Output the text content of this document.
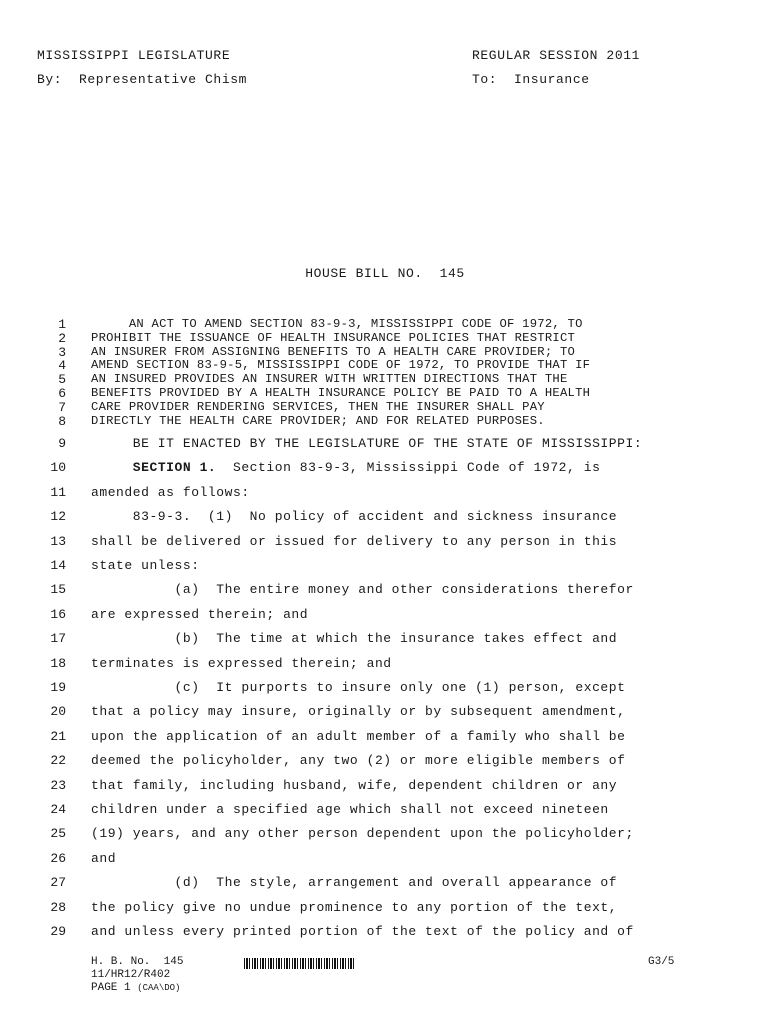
MISSISSIPPI LEGISLATURE	REGULAR SESSION 2011
By:  Representative Chism	To:  Insurance
HOUSE BILL NO.  145
1 AN ACT TO AMEND SECTION 83-9-3, MISSISSIPPI CODE OF 1972, TO
2 PROHIBIT THE ISSUANCE OF HEALTH INSURANCE POLICIES THAT RESTRICT
3 AN INSURER FROM ASSIGNING BENEFITS TO A HEALTH CARE PROVIDER; TO
4 AMEND SECTION 83-9-5, MISSISSIPPI CODE OF 1972, TO PROVIDE THAT IF
5 AN INSURED PROVIDES AN INSURER WITH WRITTEN DIRECTIONS THAT THE
6 BENEFITS PROVIDED BY A HEALTH INSURANCE POLICY BE PAID TO A HEALTH
7 CARE PROVIDER RENDERING SERVICES, THEN THE INSURER SHALL PAY
8 DIRECTLY THE HEALTH CARE PROVIDER; AND FOR RELATED PURPOSES.
9 BE IT ENACTED BY THE LEGISLATURE OF THE STATE OF MISSISSIPPI:
10	SECTION 1.  Section 83-9-3, Mississippi Code of 1972, is
11 amended as follows:
12 83-9-3.  (1)  No policy of accident and sickness insurance
13 shall be delivered or issued for delivery to any person in this
14 state unless:
15 (a)  The entire money and other considerations therefor
16 are expressed therein; and
17 (b)  The time at which the insurance takes effect and
18 terminates is expressed therein; and
19 (c)  It purports to insure only one (1) person, except
20 that a policy may insure, originally or by subsequent amendment,
21 upon the application of an adult member of a family who shall be
22 deemed the policyholder, any two (2) or more eligible members of
23 that family, including husband, wife, dependent children or any
24 children under a specified age which shall not exceed nineteen
25 (19) years, and any other person dependent upon the policyholder;
26 and
27 (d)  The style, arrangement and overall appearance of
28 the policy give no undue prominence to any portion of the text,
29 and unless every printed portion of the text of the policy and of
H. B. No.  145
11/HR12/R402
PAGE 1 (CAA\DO)
G3/5
